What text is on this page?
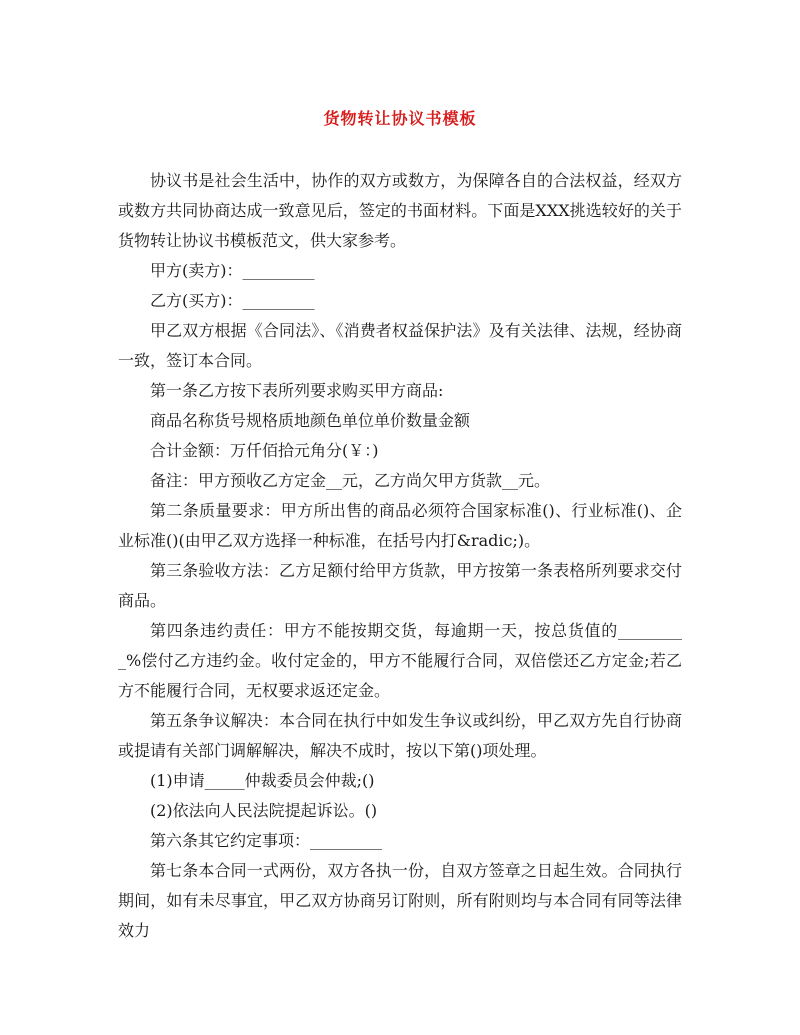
货物转让协议书模板

协议书是社会生活中，协作的双方或数方，为保障各自的合法权益，经双方或数方共同协商达成一致意见后，签定的书面材料。下面是XXX挑选较好的关于货物转让协议书模板范文，供大家参考。

甲方(卖方)：_________

乙方(买方)：_________

甲乙双方根据《合同法》、《消费者权益保护法》及有关法律、法规，经协商一致，签订本合同。

第一条乙方按下表所列要求购买甲方商品:

商品名称货号规格质地颜色单位单价数量金额

合计金额：万仟佰拾元角分(￥：)

备注：甲方预收乙方定金__元，乙方尚欠甲方货款__元。

第二条质量要求：甲方所出售的商品必须符合国家标准()、行业标准()、企业标准()(由甲乙双方选择一种标准，在括号内打&radic;)。

第三条验收方法：乙方足额付给甲方货款，甲方按第一条表格所列要求交付商品。

第四条违约责任：甲方不能按期交货，每逾期一天，按总货值的_________%偿付乙方违约金。收付定金的，甲方不能履行合同，双倍偿还乙方定金;若乙方不能履行合同，无权要求返还定金。

第五条争议解决：本合同在执行中如发生争议或纠纷，甲乙双方先自行协商或提请有关部门调解解决，解决不成时，按以下第()项处理。

(1)申请_____仲裁委员会仲裁;()

(2)依法向人民法院提起诉讼。()

第六条其它约定事项：_________

第七条本合同一式两份，双方各执一份，自双方签章之日起生效。合同执行期间，如有未尽事宜，甲乙双方协商另订附则，所有附则均与本合同有同等法律效力
